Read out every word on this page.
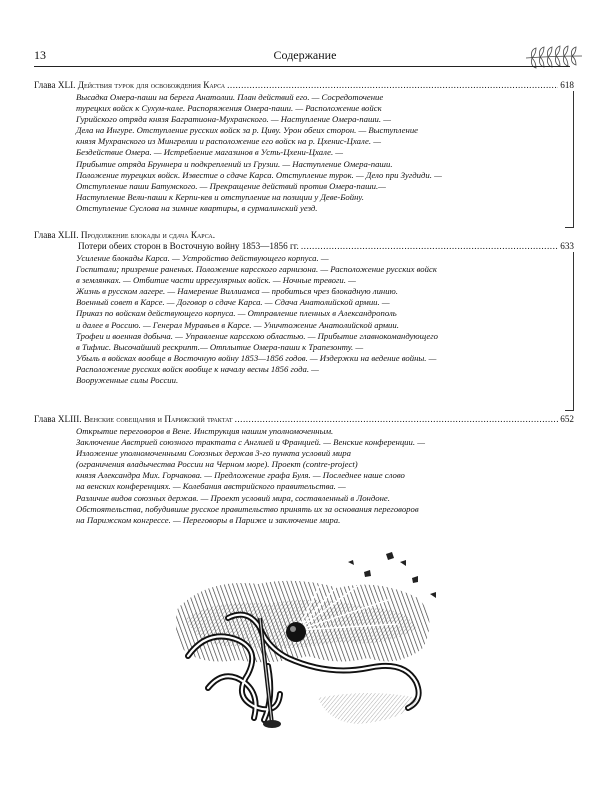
13	Содержание
Глава XLI. Действия турок для освобождения Карса .....	618
Высадка Омера-паши на берега Анатолии. План действий его. — Сосредоточение
турецких войск к Сухум-кале. Распоряжения Омера-паши. — Расположение войск
Гурийского отряда князя Багратиона-Мухранского. — Наступление Омера-паши. —
Дела на Ингуре. Отступление русских войск за р. Циву. Урон обеих сторон. — Выступление
князя Мухранского из Мингрелии и расположение его войск на р. Цхенис-Цхале. —
Бездействие Омера. — Истребление магазинов в Усть-Цхени-Цхале. —
Прибытие отряда Бруннера и подкреплений из Грузии. — Наступление Омера-паши.
Положение турецких войск. Известие о сдаче Карса. Отступление турок. — Дело при Зугдиди. —
Отступление паши Батумского. — Прекращение действий против Омера-паши.—
Наступление Вели-паши к Керпи-кев и отступление на позиции у Деве-Бойну.
Отступление Суслова на зимние квартиры, в сурмалинский уезд.
Глава XLII. Продолжение блокады и сдача Карса.
Потери обеих сторон в Восточную войну 1853—1856 гг. .....	633
Усиление блокады Карса. — Устройство действующего корпуса. —
Госпитали; призрение раненых. Положение карсского гарнизона. — Расположение русских войск
в землянках. — Отбитие части иррегулярных войск. — Ночные тревоги. —
Жизнь в русском лагере. — Намерение Виллиамса — пробиться чрез блокадную линию.
Военный совет в Карсе. — Договор о сдаче Карса. — Сдача Анатолийской армии. —
Приказ по войскам действующего корпуса. — Отправление пленных в Александрополь
и далее в Россию. — Генерал Муравьев в Карсе. — Уничтожение Анатолийской армии.
Трофеи и военная добыча. — Управление карсскою областью. — Прибытие главнокомандующего
в Тифлис. Высочайший рескрипт.— Отплытие Омера-паши к Трапезонту. —
Убыль в войсках вообще в Восточную войну 1853—1856 годов. — Издержки на ведение войны. —
Расположение русских войск вообще к началу весны 1856 года. —
Вооруженные силы России.
Глава XLIII. Венские совещания и Парижский трактат .....	652
Открытие переговоров в Вене. Инструкция нашим уполномоченным.
Заключение Австрией союзного трактата с Англией и Францией. — Венские конференции. —
Изложение уполномоченными Союзных держав 3-го пункта условий мира
(ограничения владычества России на Черном море). Проект (contre-project)
князя Александра Мих. Горчакова. — Предложение графа Буля. — Последнее наше слово
на венских конференциях. — Колебания австрийского правительства. —
Различие видов союзных держав. — Проект условий мира, составленный в Лондоне.
Обстоятельства, побудившие русское правительство принять их за основания переговоров
на Парижском конгрессе. — Переговоры в Париже и заключение мира.
